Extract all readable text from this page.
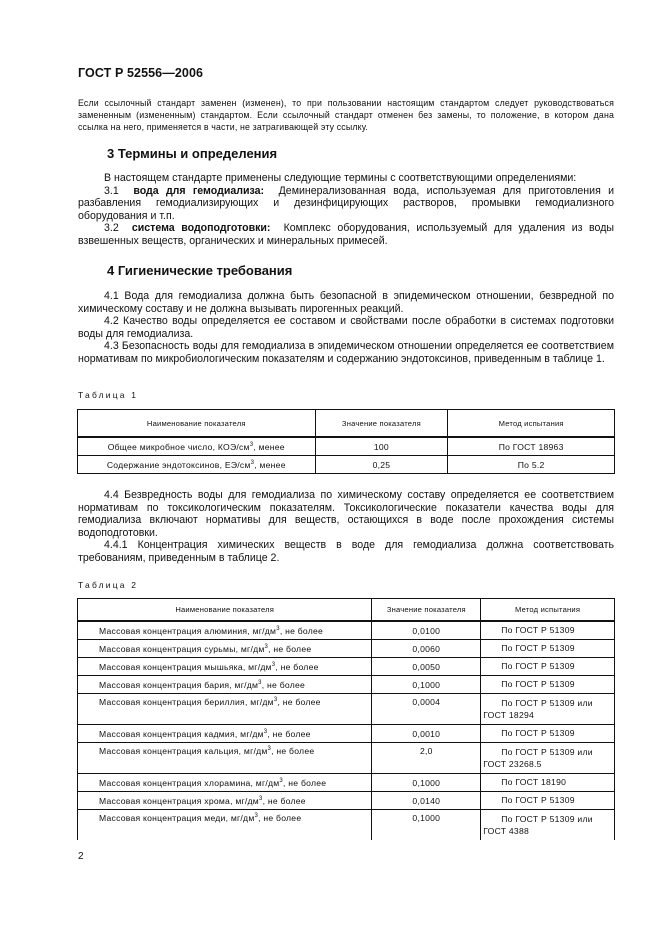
ГОСТ Р 52556—2006
Если ссылочный стандарт заменен (изменен), то при пользовании настоящим стандартом следует руководствоваться замененным (измененным) стандартом. Если ссылочный стандарт отменен без замены, то положение, в котором дана ссылка на него, применяется в части, не затрагивающей эту ссылку.
3 Термины и определения
В настоящем стандарте применены следующие термины с соответствующими определениями:
3.1 вода для гемодиализа: Деминерализованная вода, используемая для приготовления и разбавления гемодиализирующих и дезинфицирующих растворов, промывки гемодиализного оборудования и т.п.
3.2 система водоподготовки: Комплекс оборудования, используемый для удаления из воды взвешенных веществ, органических и минеральных примесей.
4 Гигиенические требования
4.1 Вода для гемодиализа должна быть безопасной в эпидемическом отношении, безвредной по химическому составу и не должна вызывать пирогенных реакций.
4.2 Качество воды определяется ее составом и свойствами после обработки в системах подготовки воды для гемодиализа.
4.3 Безопасность воды для гемодиализа в эпидемическом отношении определяется ее соответствием нормативам по микробиологическим показателям и содержанию эндотоксинов, приведенным в таблице 1.
Таблица 1
Наименование показателя	Значение показателя	Метод испытания
Общее микробное число, КОЭ/$см^3$, менее	100	По ГОСТ 18963
Содержание эндотоксинов, $ЕЭ/см^3$, менее	0,25	По 5.2
4.4 Безвредность воды для гемодиализа по химическому составу определяется ее соответствием нормативам по токсикологическим показателям. Токсикологические показатели качества воды для гемодиализа включают нормативы для веществ, остающихся в воде после прохождения системы водоподготовки.
4.4.1 Концентрация химических веществ в воде для гемодиализа должна соответствовать требованиям, приведенным в таблице 2.
Таблица 2
Наименование показателя	Значение показателя	Метод испытания
Массовая концентрация алюминия, $мг/дм^3$, не более	0,0100	По ГОСТ Р 51309

Массовая концентрация сурьмы, $мг/дм^3$, не более	0,0060	По ГОСТ Р 51309

Массовая концентрация мышьяка, $мг/дм^3$, не более	0,0050	По ГОСТ Р 51309

Массовая концентрация бария, $мг/дм^3$, не более	0,1000	По ГОСТ Р 51309

Массовая концентрация бериллия, $мг/дм^3$, не более	0,0004	По ГОСТ Р 51309 или
ГОСТ 18294
Массовая концентрация кадмия, $мг/дм^3$, не более	0,0010	По ГОСТ Р 51309

Массовая концентрация кальция, $мг/дм^3$, не более	2,0	По ГОСТ Р 51309 или
ГОСТ 23268.5
Массовая концентрация хлорамина, $мг/дм^3$, не более	0,1000	По ГОСТ 18190

Массовая концентрация хрома, $мг/дм^3$, не более	0,0140	По ГОСТ Р 51309

Массовая концентрация меди, $мг/дм^3$, не более	0,1000	По ГОСТ Р 51309 или
ГОСТ 4388
2
